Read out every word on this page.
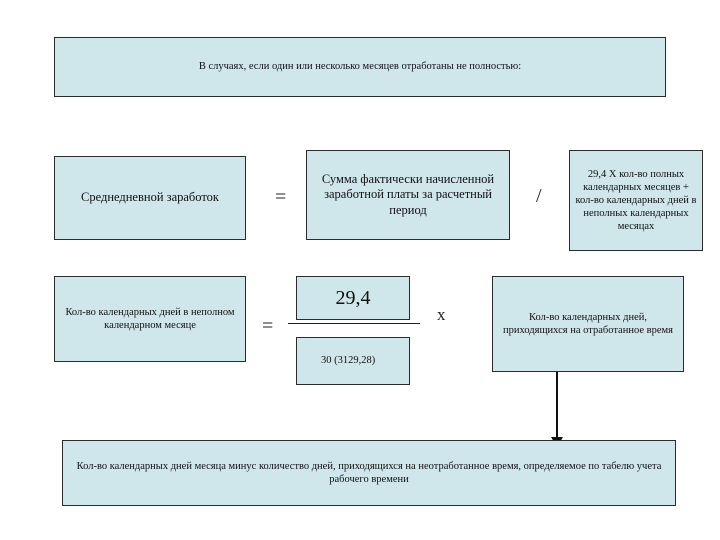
В случаях, если один или несколько месяцев отработаны не полностью:
Среднедневной заработок	=
Сумма фактически начисленной заработной платы за расчетный период
/
29,4 Х кол-во полных календарных месяцев + кол-во календарных дней в неполных календарных месяцах
Кол-во календарных дней в неполном календарном месяце	=
29,4
30 (3129,28)
x	Кол-во календарных дней, приходящихся на отработанное время
Кол-во календарных дней месяца минус количество дней, приходящихся на неотработанное время, определяемое по табелю учета рабочего времени
